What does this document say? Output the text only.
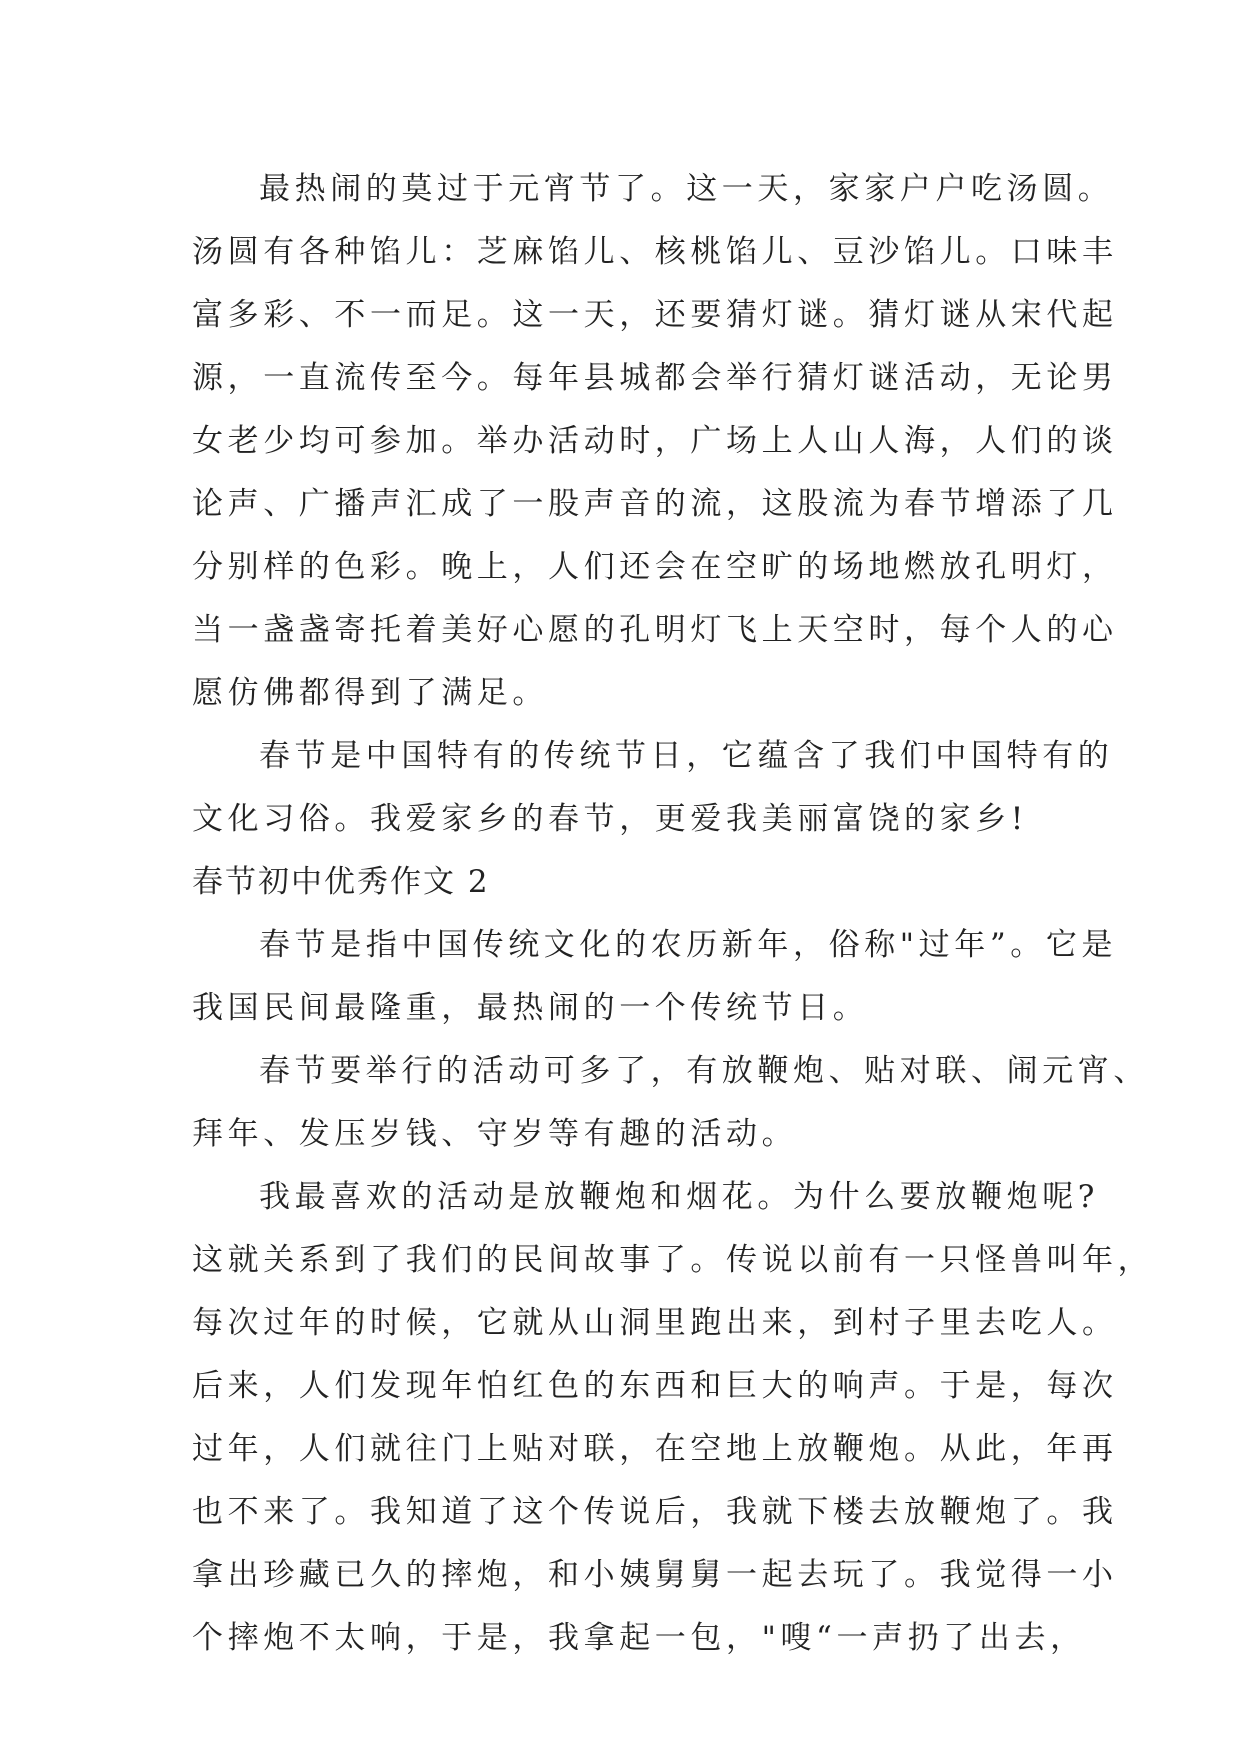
最热闹的莫过于元宵节了。这一天，家家户户吃汤圆。
汤圆有各种馅儿：芝麻馅儿、核桃馅儿、豆沙馅儿。口味丰
富多彩、不一而足。这一天，还要猜灯谜。猜灯谜从宋代起
源，一直流传至今。每年县城都会举行猜灯谜活动，无论男
女老少均可参加。举办活动时，广场上人山人海，人们的谈
论声、广播声汇成了一股声音的流，这股流为春节增添了几
分别样的色彩。晚上，人们还会在空旷的场地燃放孔明灯，
当一盏盏寄托着美好心愿的孔明灯飞上天空时，每个人的心
愿仿佛都得到了满足。
春节是中国特有的传统节日，它蕴含了我们中国特有的
文化习俗。我爱家乡的春节，更爱我美丽富饶的家乡!
春节初中优秀作文 2
春节是指中国传统文化的农历新年，俗称"过年”。它是
我国民间最隆重，最热闹的一个传统节日。
春节要举行的活动可多了，有放鞭炮、贴对联、闹元宵、
拜年、发压岁钱、守岁等有趣的活动。
我最喜欢的活动是放鞭炮和烟花。为什么要放鞭炮呢?
这就关系到了我们的民间故事了。传说以前有一只怪兽叫年，
每次过年的时候，它就从山洞里跑出来，到村子里去吃人。
后来，人们发现年怕红色的东西和巨大的响声。于是，每次
过年，人们就往门上贴对联，在空地上放鞭炮。从此，年再
也不来了。我知道了这个传说后，我就下楼去放鞭炮了。我
拿出珍藏已久的摔炮，和小姨舅舅一起去玩了。我觉得一小
个摔炮不太响，于是，我拿起一包，"嗖“一声扔了出去，
